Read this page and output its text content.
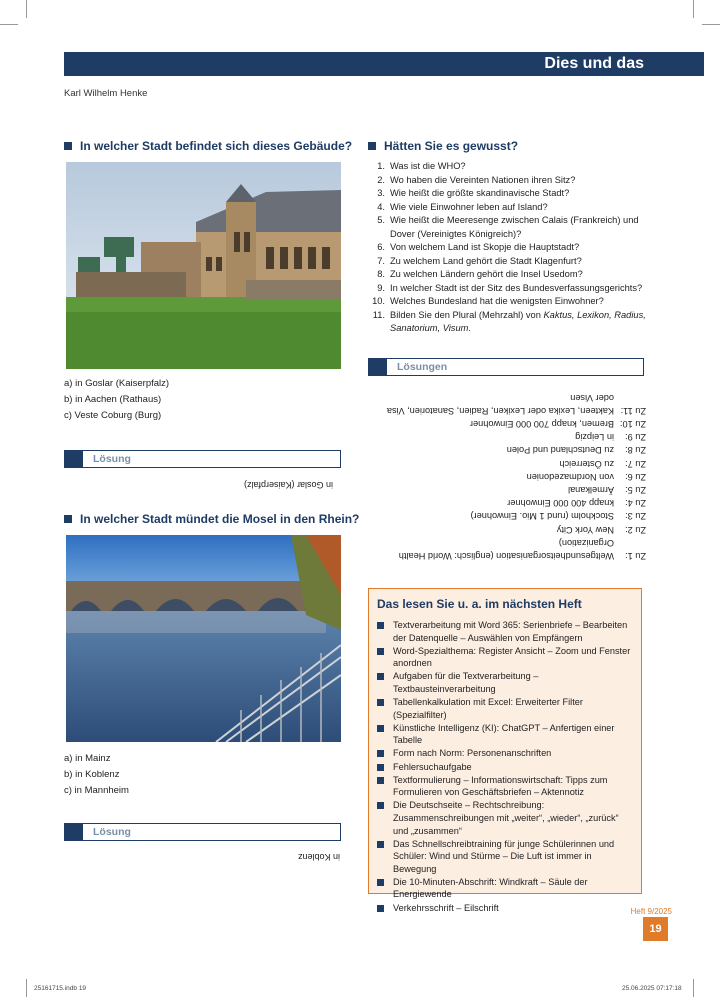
Dies und das
Karl Wilhelm Henke
In welcher Stadt befindet sich dieses Gebäude?
a) in Goslar (Kaiserpfalz)
b) in Aachen (Rathaus)
c) Veste Coburg (Burg)
Lösung
in Goslar (Kaiserpfalz)
In welcher Stadt mündet die Mosel in den Rhein?
a) in Mainz
b) in Koblenz
c) in Mannheim
Lösung
in Koblenz
Hätten Sie es gewusst?
1. Was ist die WHO?
2. Wo haben die Vereinten Nationen ihren Sitz?
3. Wie heißt die größte skandinavische Stadt?
4. Wie viele Einwohner leben auf Island?
5. Wie heißt die Meeresenge zwischen Calais (Frankreich) und Dover (Vereinigtes Königreich)?
6. Von welchem Land ist Skopje die Hauptstadt?
7. Zu welchem Land gehört die Stadt Klagenfurt?
8. Zu welchen Ländern gehört die Insel Usedom?
9. In welcher Stadt ist der Sitz des Bundesverfassungsgerichts?
10. Welches Bundesland hat die wenigsten Einwohner?
11. Bilden Sie den Plural (Mehrzahl) von Kaktus, Lexikon, Radius, Sanatorium, Visum.
Lösungen
Zu 1:
Weltgesundheitsorganisation (englisch: World Health Organization)
Zu 2:
New York City
Zu 3:
Stockholm (rund 1 Mio. Einwohner)
Zu 4:
knapp 400 000 Einwohner
Zu 5:
Ärmelkanal
Zu 6:
von Nordmazedonien
Zu 7:
zu Österreich
Zu 8:
zu Deutschland und Polen
Zu 9:
in Leipzig
Zu 10:
Bremen, knapp 700 000 Einwohner
Zu 11:
Kakteen, Lexika oder Lexiken, Radien, Sanatorien, Visa oder Visen
Das lesen Sie u. a. im nächsten Heft
Textverarbeitung mit Word 365: Serienbriefe – Bearbeiten der Datenquelle – Auswählen von Empfängern
Word-Spezialthema: Register Ansicht – Zoom und Fenster anordnen
Aufgaben für die Textverarbeitung – Textbausteinverarbeitung
Tabellenkalkulation mit Excel: Erweiterter Filter (Spezialfilter)
Künstliche Intelligenz (KI): ChatGPT – Anfertigen einer Tabelle
Form nach Norm: Personenanschriften
Fehlersuchaufgabe
Textformulierung – Informationswirtschaft: Tipps zum Formulieren von Geschäftsbriefen – Aktennotiz
Die Deutschseite – Rechtschreibung: Zusammenschreibungen mit „weiter“, „wieder“, „zurück“ und „zusammen“
Das Schnellschreibtraining für junge Schülerinnen und Schüler: Wind und Stürme – Die Luft ist immer in Bewegung
Die 10-Minuten-Abschrift: Windkraft – Säule der Energiewende
Verkehrsschrift – Eilschrift	Heft 9/2025
19
25161715.indb 19	25.06.2025 07:17:18
